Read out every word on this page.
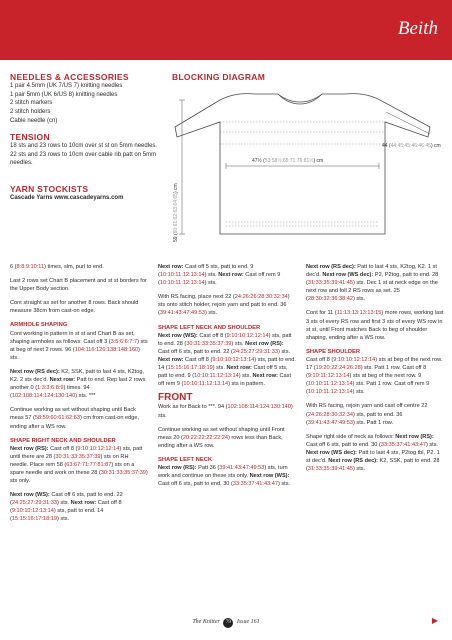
Beith
NEEDLES & ACCESSORIES
1 pair 4.5mm (UK 7/US 7) knitting needles
1 pair 5mm (UK 6/US 8) knitting needles
2 stitch markers
2 stitch holders
Cable needle (cn)
TENSION
18 sts and 23 rows to 10cm over st st on 5mm needles.
22 sts and 23 rows to 10cm over cable rib patt on 5mm needles.
YARN STOCKISTS
Cascade Yarns www.cascadeyarns.com
BLOCKING DIAGRAM
59 (60:61:62:63:64:65) cm
47½ (53:58½:65:71:76:81½) cm
44 (44:45:45:46:46:45) cm

6 (8:8:9:10:11) times, slm, purl to end.

Last 2 rows set Chart B placement and st st borders for the Upper Body section.

Cont straight as set for another 8 rows. Back should measure 38cm from cast-on edge.

ARMHOLE SHAPING

Cont working in pattern in st st and Chart B as set, shaping armholes as follows: Cast off 3 (3:5:6:6:7:7) sts at beg of next 2 rows. 96 (104:116:126:138:148:160) sts.

Next row (RS dec): K2, SSK, patt to last 4 sts, K2tog, K2. 2 sts dec'd. Next row: Patt to end. Rep last 2 rows another 0 (1:3:3:6:8:9) times. 94 (102:108:114:124:130:140) sts. ***

Continue working as set without shaping until Back meas 57 (58:59:60:61:62:63) cm from cast-on edge, ending after a WS row.

SHAPE RIGHT NECK AND SHOULDER

Next row (RS): Cast off 8 (9:10:10:12:12:14) sts, patt until there are 28 (30:31:33:35:37:39) sts on RH needle. Place rem 58 (63:67:71:77:81:87) sts on a spare needle and work on these 28 (30:31:33:35:37:39) sts only.

Next row (WS): Cast off 6 sts, patt to end. 22 (24:25:27:29:31:33) sts. Next row: Cast off 8 (9:10:10:12:13:14) sts, patt to end. 14 (15:15:16:17:18:19) sts.

Next row: Cast off 5 sts, patt to end. 9 (10:10:11:12:13:14) sts. Next row: Cast off rem 9 (10:10:11:12:13:14) sts.

With RS facing, place next 22 (24:26:26:28:30:32:34) sts onto stitch holder, rejoin yarn and patt to end. 36 (39:41:43:47:49:53) sts.

SHAPE LEFT NECK AND SHOULDER

Next row (WS): Cast off 8 (9:10:10:12:12:14) sts, patt to end. 28 (30:31:33:35:37:39) sts. Next row (RS): Cast off 6 sts, patt to end. 22 (24:25:27:29:31:33) sts. Next row: Cast off 8 (9:10:10:12:13:14) sts, patt to end. 14 (15:15:16:17:18:19) sts. Next row: Cast off 5 sts, patt to end. 9 (10:10:11:12:13:14) sts. Next row: Cast off rem 9 (10:10:11:12:13:14) sts in pattern.

FRONT

Work as for Back to ***. 94 (102:108:114:124:130:140) sts.

Continue working as set without shaping until Front meas 20 (20:22:22:22:22:24) rows less than Back, ending after a WS row.

SHAPE LEFT NECK

Next row (RS): Patt 36 (39:41:43:47:49:53) sts, turn work and continue on these sts only. Next row (WS): Cast off 6 sts, patt to end. 30 (33:35:37:41:43:47) sts.

Next row (RS dec): Patt to last 4 sts, K2tog, K2. 1 st dec'd. Next row (WS dec): P2, P2tog, patt to end. 28 (31:33:35:39:41:45) sts. Dec 1 st at neck edge on the next row and foll 2 RS rows as set. 25 (28:30:32:36:38:42) sts.

Cont for 11 (11:13:13:13:13:15) more rows, working last 3 sts of every RS row and first 3 sts of every WS row in st st, until Front matches Back to beg of shoulder shaping, ending after a WS row.

SHAPE SHOULDER

Cast off 8 (9:10:10:12:12:14) sts at beg of the next row. 17 (19:20:22:24:26:28) sts. Patt 1 row. Cast off 8 (9:10:11:12:13:14) sts at beg of the next row. 9 (10:10:11:12:13:14) sts. Patt 1 row. Cast off rem 9 (10:10:11:12:13:14) sts.

With RS facing, rejoin yarn and cast off centre 22 (24:26:28:30:32:34) sts, patt to end. 36 (39:41:43:47:49:53) sts. Patt 1 row.

Shape right side of neck as follows: Next row (RS): Cast off 6 sts, patt to end. 30 (33:35:37:41:43:47) sts. Next row (WS dec): Patt to last 4 sts, P2tog tbl, P2. 1 st dec'd. Next row (RS dec): K2, SSK, patt to end. 28 (31:33:35:39:41:45) sts.

The Knitter 79 Issue 161	▶
